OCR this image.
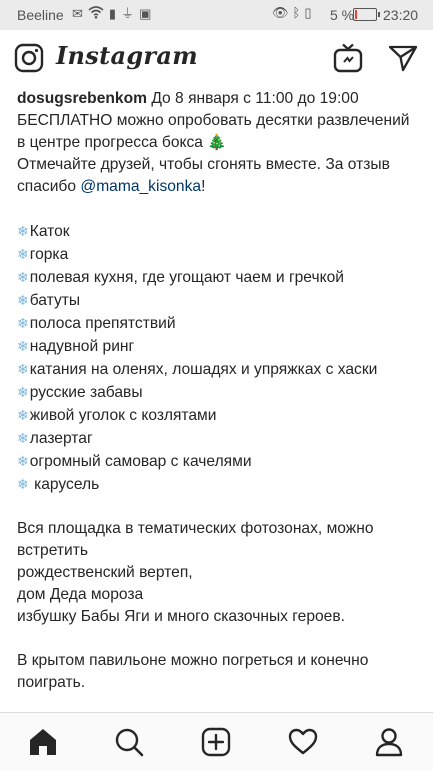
Beeline ✉ ▮ ⏚ ▣	👁 ᛒ ▯ 5 % 23:20
Instagram

dosugsrebenkom До 8 января с 11:00 до 19:00 БЕСПЛАТНО можно опробовать десятки развлечений в центре прогресса бокса 🎄

Отмечайте друзей, чтобы сгонять вместе. За отзыв спасибо @mama_kisonka!

❄Каток

❄горка

❄полевая кухня, где угощают чаем и гречкой

❄батуты

❄полоса препятствий

❄надувной ринг

❄катания на оленях, лошадях и упряжках с хаски

❄русские забавы

❄живой уголок с козлятами

❄лазертаг

❄огромный самовар с качелями

❄ карусель

Вся площадка в тематических фотозонах, можно встретить

рождественский вертеп,

дом Деда мороза

избушку Бабы Яги и много сказочных героев.

В крытом павильоне можно погреться и конечно поиграть.
